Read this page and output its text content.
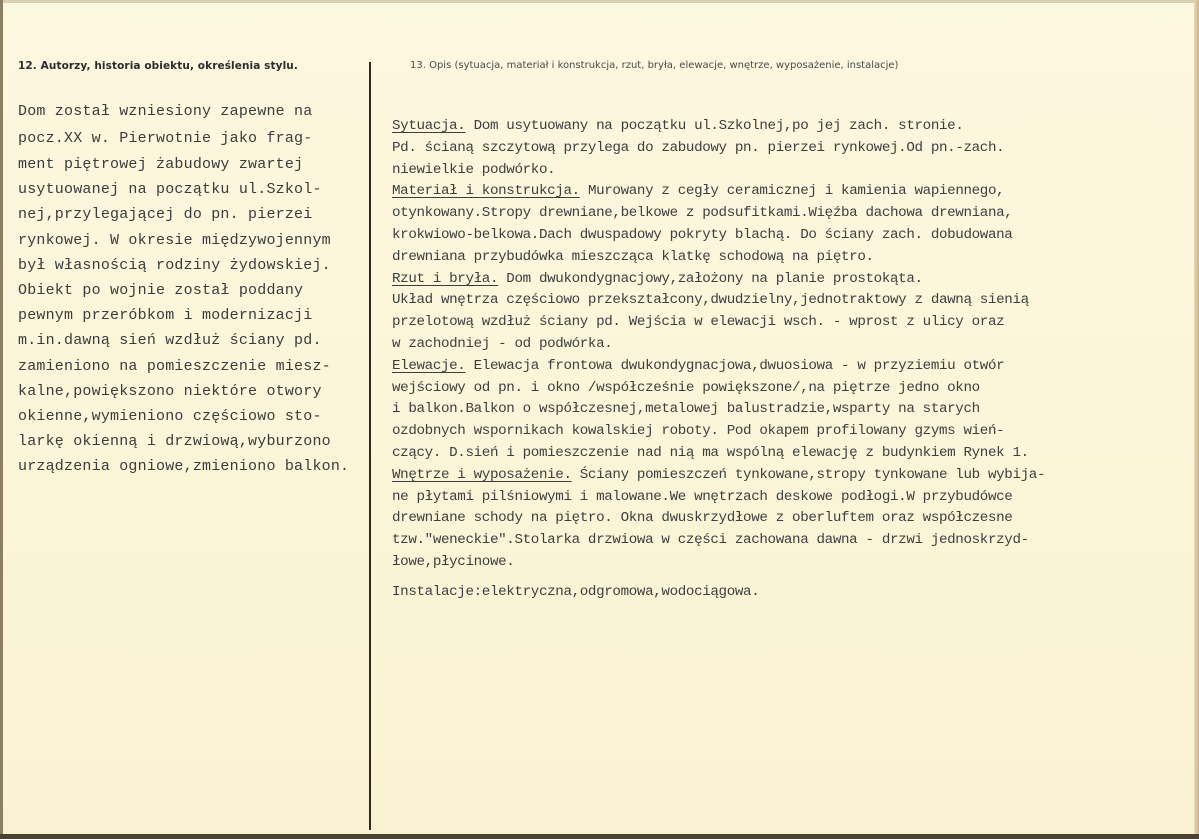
12. Autorzy, historia obiektu, określenia stylu.	13. Opis (sytuacja, materiał i konstrukcja, rzut, bryła, elewacje, wnętrze, wyposażenie, instalacje)
Dom został wzniesiony zapewne na
pocz.XX w. Pierwotnie jako frag-
ment piętrowej żabudowy zwartej
usytuowanej na początku ul.Szkol-
nej,przylegającej do pn. pierzei
rynkowej. W okresie międzywojennym
był własnością rodziny żydowskiej.
Obiekt po wojnie został poddany
pewnym przeróbkom i modernizacji
m.in.dawną sień wzdłuż ściany pd.
zamieniono na pomieszczenie miesz-
kalne,powiększono niektóre otwory
okienne,wymieniono częściowo sto-
larkę okienną i drzwiową,wyburzono
urządzenia ogniowe,zmieniono balkon.
Sytuacja. Dom usytuowany na początku ul.Szkolnej,po jej zach. stronie.
Pd. ścianą szczytową przylega do zabudowy pn. pierzei rynkowej.Od pn.-zach.
niewielkie podwórko.
Materiał i konstrukcja. Murowany z cegły ceramicznej i kamienia wapiennego,
otynkowany.Stropy drewniane,belkowe z podsufitkami.Więźba dachowa drewniana,
krokwiowo-belkowa.Dach dwuspadowy pokryty blachą. Do ściany zach. dobudowana
drewniana przybudówka mieszcząca klatkę schodową na piętro.
Rzut i bryła. Dom dwukondygnacjowy,założony na planie prostokąta.
Układ wnętrza częściowo przekształcony,dwudzielny,jednotraktowy z dawną sienią
przelotową wzdłuż ściany pd. Wejścia w elewacji wsch. - wprost z ulicy oraz
w zachodniej - od podwórka.
Elewacje. Elewacja frontowa dwukondygnacjowa,dwuosiowa - w przyziemiu otwór
wejściowy od pn. i okno /współcześnie powiększone/,na piętrze jedno okno
i balkon.Balkon o współczesnej,metalowej balustradzie,wsparty na starych
ozdobnych wspornikach kowalskiej roboty. Pod okapem profilowany gzyms wień-
czący. D.sień i pomieszczenie nad nią ma wspólną elewację z budynkiem Rynek 1.
Wnętrze i wyposażenie. Ściany pomieszczeń tynkowane,stropy tynkowane lub wybija-
ne płytami pilśniowymi i malowane.We wnętrzach deskowe podłogi.W przybudówce
drewniane schody na piętro. Okna dwuskrzydłowe z oberluftem oraz współczesne
tzw."weneckie".Stolarka drzwiowa w części zachowana dawna - drzwi jednoskrzyd-
łowe,płycinowe.
Instalacje:elektryczna,odgromowa,wodociągowa.
